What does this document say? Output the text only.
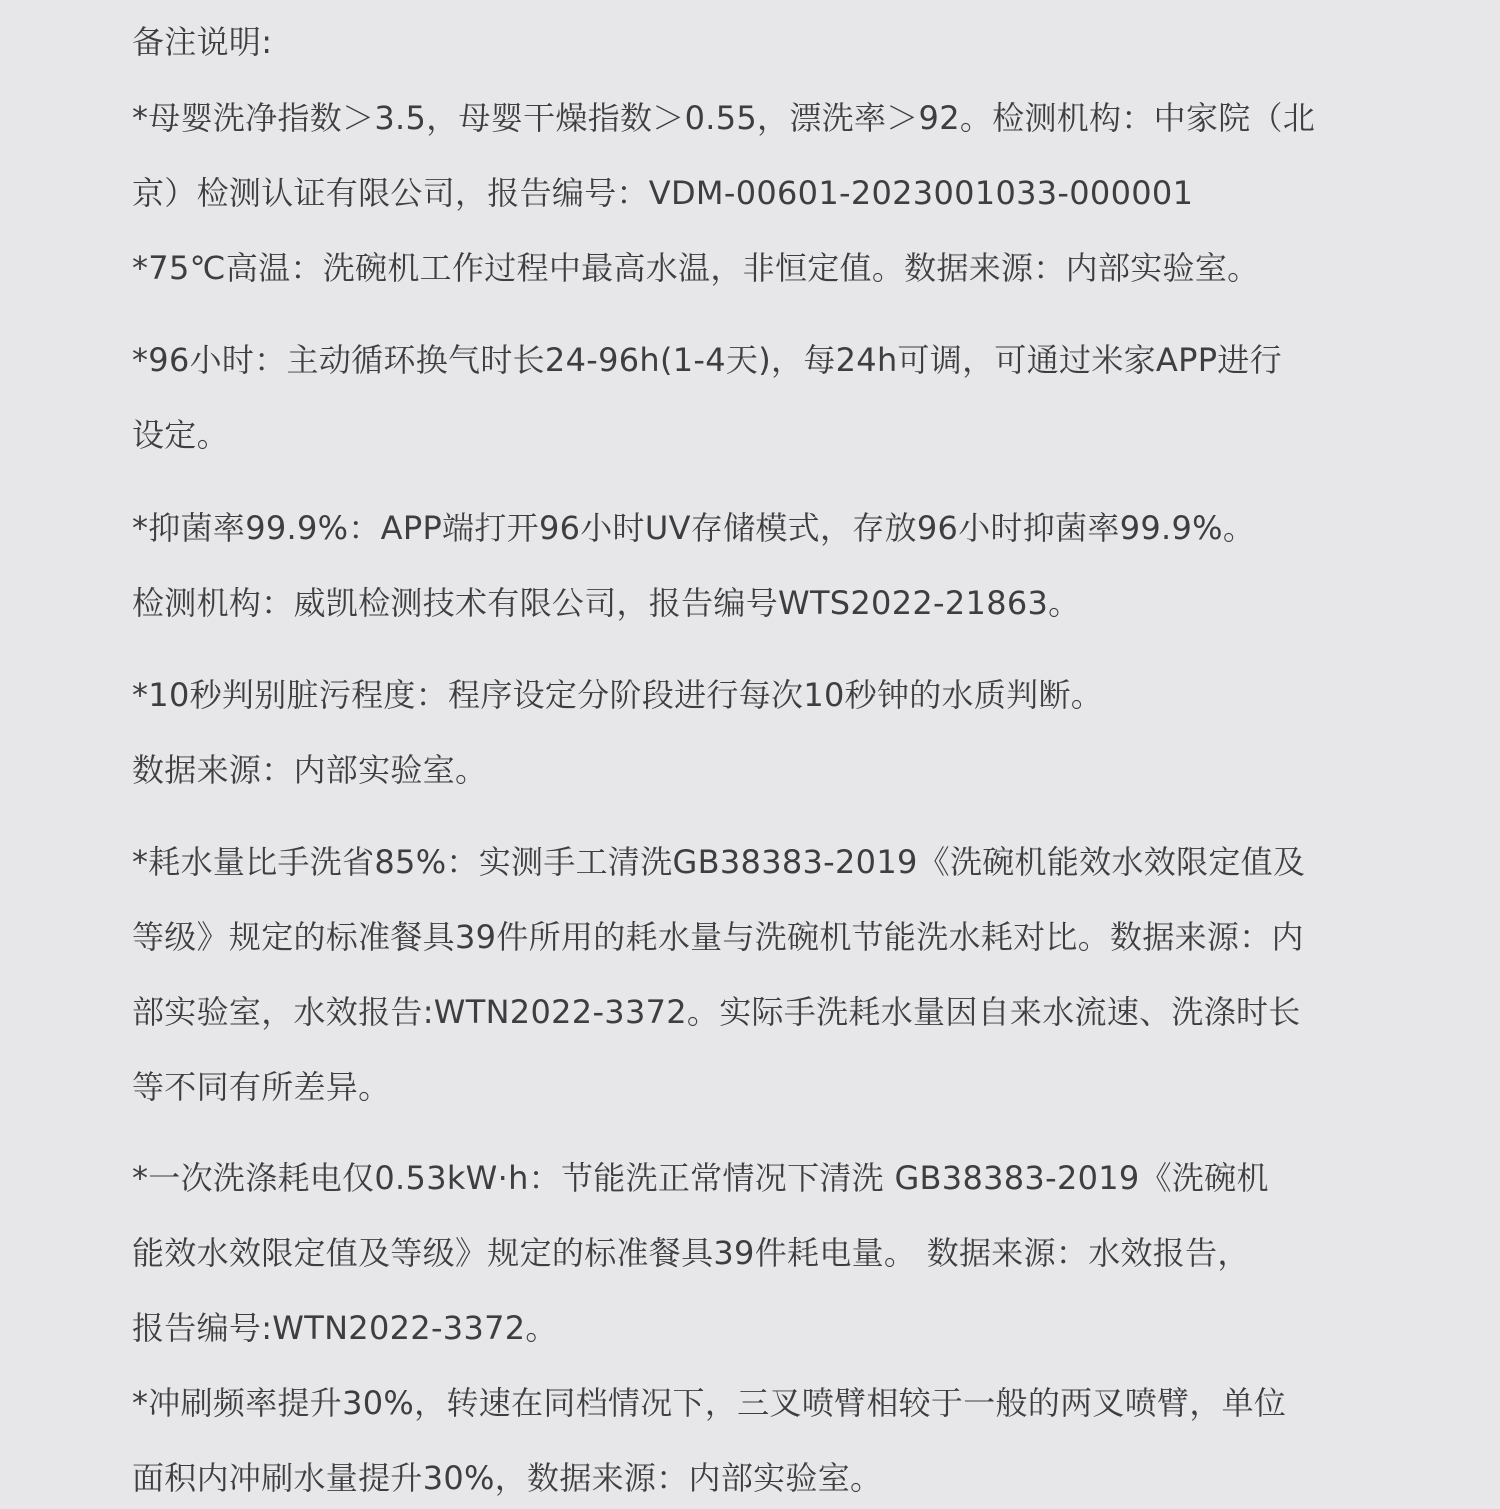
备注说明:
*母婴洗净指数＞3.5，母婴干燥指数＞0.55，漂洗率＞92。检测机构：中家院（北
京）检测认证有限公司，报告编号：VDM-00601-2023001033-000001
*75℃高温：洗碗机工作过程中最高水温，非恒定值。数据来源：内部实验室。
*96小时：主动循环换气时长24-96h(1-4天)，每24h可调，可通过米家APP进行
设定。
*抑菌率99.9%：APP端打开96小时UV存储模式，存放96小时抑菌率99.9%。
检测机构：威凯检测技术有限公司，报告编号WTS2022-21863。
*10秒判别脏污程度：程序设定分阶段进行每次10秒钟的水质判断。
数据来源：内部实验室。
*耗水量比手洗省85%：实测手工清洗GB38383-2019《洗碗机能效水效限定值及
等级》规定的标准餐具39件所用的耗水量与洗碗机节能洗水耗对比。数据来源：内
部实验室，水效报告:WTN2022-3372。实际手洗耗水量因自来水流速、洗涤时长
等不同有所差异。
*一次洗涤耗电仅0.53kW·h：节能洗正常情况下清洗 GB38383-2019《洗碗机
能效水效限定值及等级》规定的标准餐具39件耗电量。 数据来源：水效报告，
报告编号:WTN2022-3372。
*冲刷频率提升30%，转速在同档情况下，三叉喷臂相较于一般的两叉喷臂，单位
面积内冲刷水量提升30%，数据来源：内部实验室。
